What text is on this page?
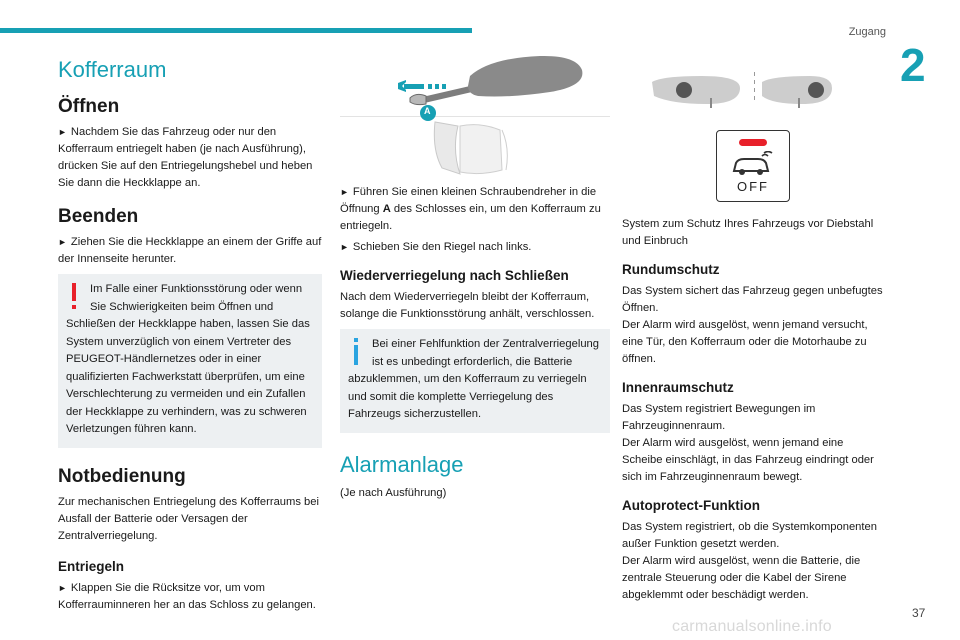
Zugang
2
Kofferraum
Öffnen

► Nachdem Sie das Fahrzeug oder nur den Kofferraum entriegelt haben (je nach Ausführung), drücken Sie auf den Entriegelungshebel und heben Sie dann die Heckklappe an.

Beenden

► Ziehen Sie die Heckklappe an einem der Griffe auf der Innenseite herunter.

Im Falle einer Funktionsstörung oder wenn Sie Schwierigkeiten beim Öffnen und Schließen der Heckklappe haben, lassen Sie das System unverzüglich von einem Vertreter des PEUGEOT-Händlernetzes oder in einer qualifizierten Fachwerkstatt überprüfen, um eine Verschlechterung zu vermeiden und ein Zufallen der Heckklappe zu verhindern, was zu schweren Verletzungen führen kann.
Notbedienung

Zur mechanischen Entriegelung des Kofferraums bei Ausfall der Batterie oder Versagen der Zentralverriegelung.

Entriegeln

► Klappen Sie die Rücksitze vor, um vom Kofferrauminneren her an das Schloss zu gelangen.

A

► Führen Sie einen kleinen Schraubendreher in die Öffnung A des Schlosses ein, um den Kofferraum zu entriegeln.

► Schieben Sie den Riegel nach links.

Wiederverriegelung nach Schließen

Nach dem Wiederverriegeln bleibt der Kofferraum, solange die Funktionsstörung anhält, verschlossen.

Bei einer Fehlfunktion der Zentralverriegelung ist es unbedingt erforderlich, die Batterie abzuklemmen, um den Kofferraum zu verriegeln und somit die komplette Verriegelung des Fahrzeugs sicherzustellen.
Alarmanlage

(Je nach Ausführung)

OFF

System zum Schutz Ihres Fahrzeugs vor Diebstahl und Einbruch

Rundumschutz

Das System sichert das Fahrzeug gegen unbefugtes Öffnen.

Der Alarm wird ausgelöst, wenn jemand versucht, eine Tür, den Kofferraum oder die Motorhaube zu öffnen.

Innenraumschutz

Das System registriert Bewegungen im Fahrzeuginnenraum.

Der Alarm wird ausgelöst, wenn jemand eine Scheibe einschlägt, in das Fahrzeug eindringt oder sich im Fahrzeuginnenraum bewegt.

Autoprotect-Funktion

Das System registriert, ob die Systemkomponenten außer Funktion gesetzt werden.

Der Alarm wird ausgelöst, wenn die Batterie, die zentrale Steuerung oder die Kabel der Sirene abgeklemmt oder beschädigt werden.

37
carmanualsonline.info
